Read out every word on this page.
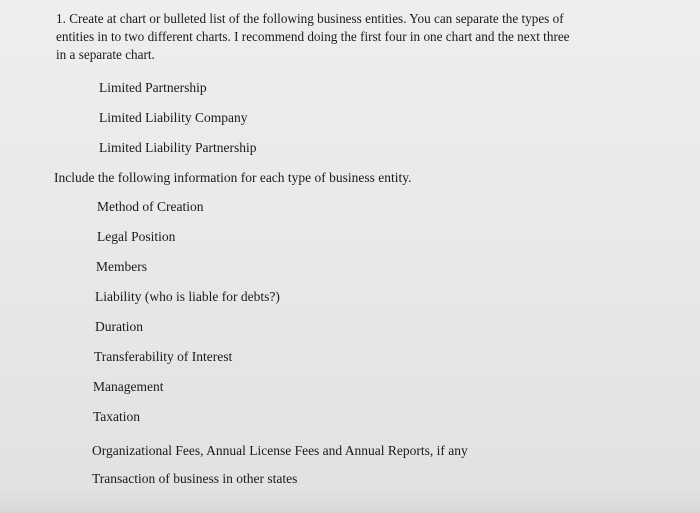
1. Create at chart or bulleted list of the following business entities. You can separate the types of

entities in to two different charts. I recommend doing the first four in one chart and the next three

in a separate chart.

Limited Partnership
Limited Liability Company
Limited Liability Partnership
Include the following information for each type of business entity.
Method of Creation
Legal Position
Members
Liability (who is liable for debts?)
Duration
Transferability of Interest
Management
Taxation
Organizational Fees, Annual License Fees and Annual Reports, if any
Transaction of business in other states
